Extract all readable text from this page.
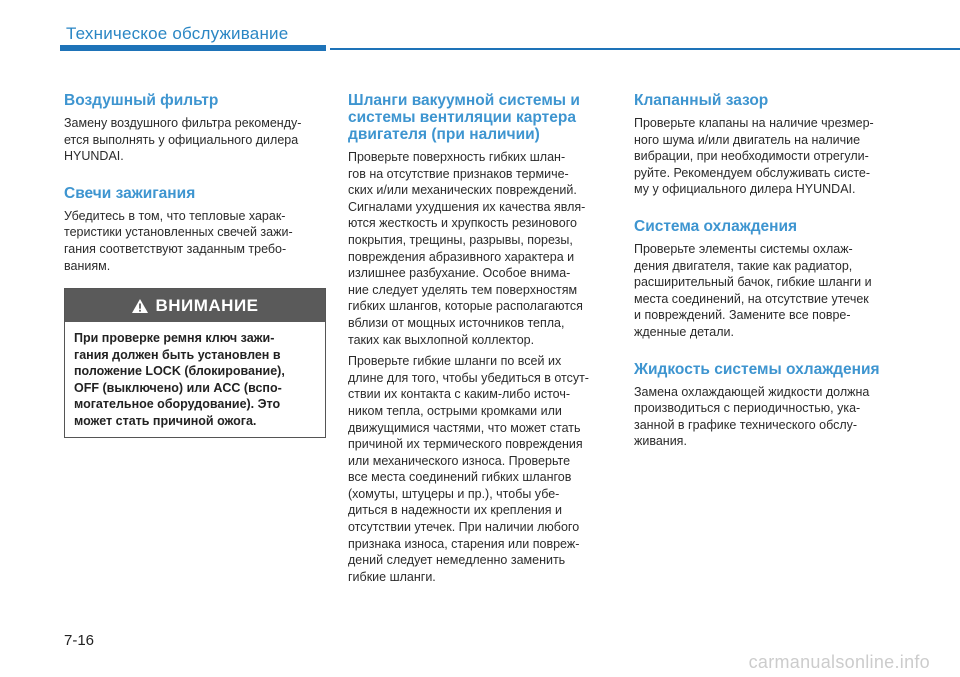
Техническое обслуживание
Воздушный фильтр

Замену воздушного фильтра рекоменду-
ется выполнять у официального дилера
HYUNDAI.

Свечи зажигания

Убедитесь в том, что тепловые харак-
теристики установленных свечей зажи-
гания соответствуют заданным требо-
ваниям.

ВНИМАНИЕ
При проверке ремня ключ зажи-
гания должен быть установлен в
положение LOCK (блокирование),
OFF (выключено) или ACC (вспо-
могательное оборудование). Это
может стать причиной ожога.
Шланги вакуумной системы и системы вентиляции картера двигателя (при наличии)

Проверьте поверхность гибких шлан-
гов на отсутствие признаков термиче-
ских и/или механических повреждений.
Сигналами ухудшения их качества явля-
ются жесткость и хрупкость резинового
покрытия, трещины, разрывы, порезы,
повреждения абразивного характера и
излишнее разбухание. Особое внима-
ние следует уделять тем поверхностям
гибких шлангов, которые располагаются
вблизи от мощных источников тепла,
таких как выхлопной коллектор.

Проверьте гибкие шланги по всей их
длине для того, чтобы убедиться в отсут-
ствии их контакта с каким-либо источ-
ником тепла, острыми кромками или
движущимися частями, что может стать
причиной их термического повреждения
или механического износа. Проверьте
все места соединений гибких шлангов
(хомуты, штуцеры и пр.), чтобы убе-
диться в надежности их крепления и
отсутствии утечек. При наличии любого
признака износа, старения или повреж-
дений следует немедленно заменить
гибкие шланги.

Клапанный зазор

Проверьте клапаны на наличие чрезмер-
ного шума и/или двигатель на наличие
вибрации, при необходимости отрегули-
руйте. Рекомендуем обслуживать систе-
му у официального дилера HYUNDAI.

Система охлаждения

Проверьте элементы системы охлаж-
дения двигателя, такие как радиатор,
расширительный бачок, гибкие шланги и
места соединений, на отсутствие утечек
и повреждений. Замените все повре-
жденные детали.

Жидкость системы охлаждения

Замена охлаждающей жидкости должна
производиться с периодичностью, ука-
занной в графике технического обслу-
живания.

7-16
carmanualsonline.info
